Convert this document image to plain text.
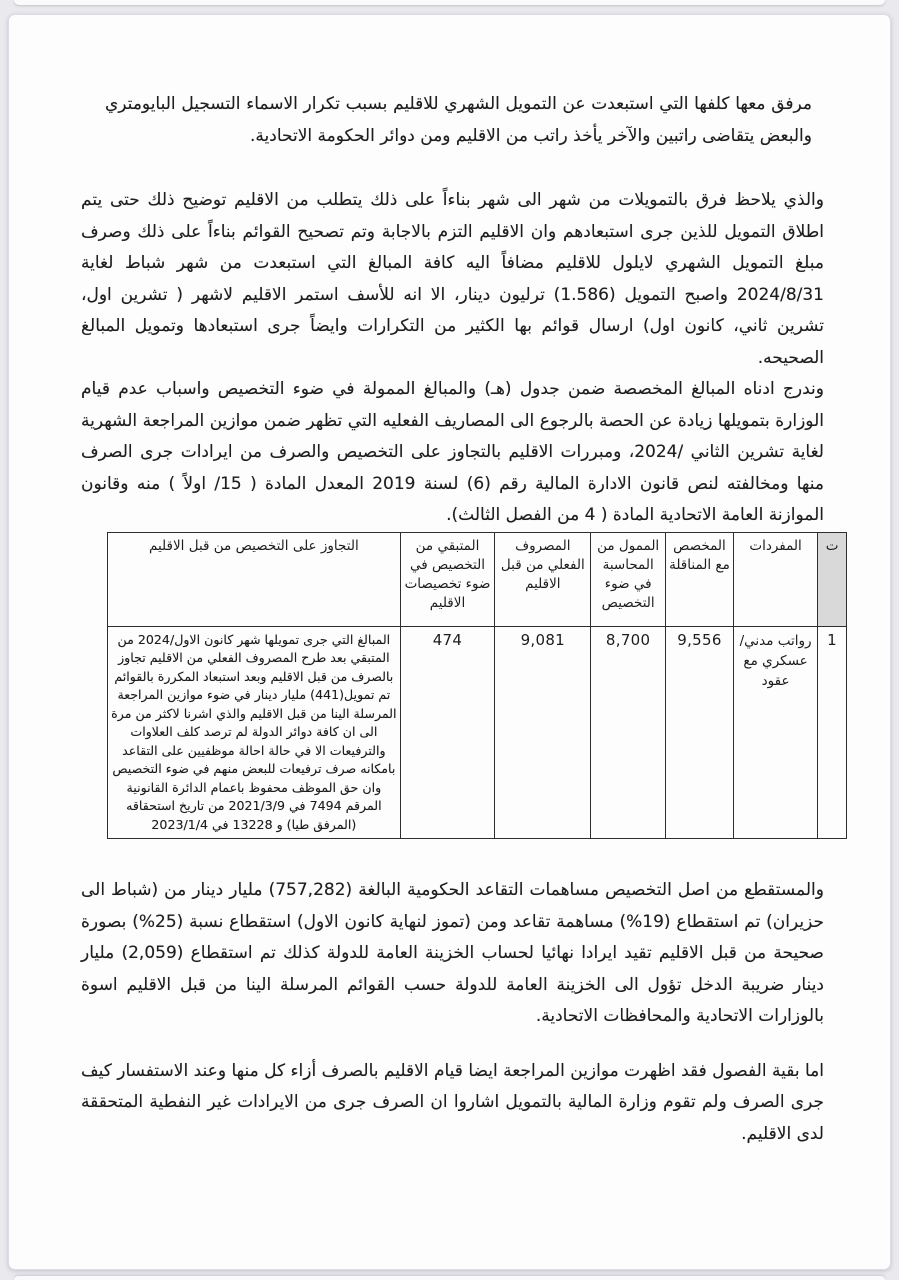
مرفق معها كلفها التي استبعدت عن التمويل الشهري للاقليم بسبب تكرار الاسماء التسجيل البايومتري والبعض يتقاضى راتبين والآخر يأخذ راتب من الاقليم ومن دوائر الحكومة الاتحادية.

والذي يلاحظ فرق بالتمويلات من شهر الى شهر بناءاً على ذلك يتطلب من الاقليم توضيح ذلك حتى يتم اطلاق التمويل للذين جرى استبعادهم وان الاقليم التزم بالاجابة وتم تصحيح القوائم بناءاً على ذلك وصرف مبلغ التمويل الشهري لايلول للاقليم مضافاً اليه كافة المبالغ التي استبعدت من شهر شباط لغاية 2024/8/31 واصبح التمويل (1.586) ترليون دينار، الا انه للأسف استمر الاقليم لاشهر ( تشرين اول، تشرين ثاني، كانون اول) ارسال قوائم بها الكثير من التكرارات وايضاً جرى استبعادها وتمويل المبالغ الصحيحه.

وندرج ادناه المبالغ المخصصة ضمن جدول (هـ) والمبالغ الممولة في ضوء التخصيص واسباب عدم قيام الوزارة بتمويلها زيادة عن الحصة بالرجوع الى المصاريف الفعليه التي تظهر ضمن موازين المراجعة الشهرية لغاية تشرين الثاني /2024، ومبررات الاقليم بالتجاوز على التخصيص والصرف من ايرادات جرى الصرف منها ومخالفته لنص قانون الادارة المالية رقم (6) لسنة 2019 المعدل المادة ( 15/ اولاً ) منه وقانون الموازنة العامة الاتحادية المادة ( 4 من الفصل الثالث).

ت	المفردات	المخصص مع المناقلة	الممول من المحاسبة في ضوء التخصيص	المصروف الفعلي من قبل الاقليم	المتبقي من التخصيص في ضوء تخصيصات الاقليم	التجاوز على التخصيص من قبل الاقليم
1	رواتب مدني/عسكري مع عقود	9,556	8,700	9,081	474	المبالغ التي جرى تمويلها شهر كانون الاول/2024 من المتبقي بعد طرح المصروف الفعلي من الاقليم تجاوز بالصرف من قبل الاقليم وبعد استبعاد المكررة بالقوائم تم تمويل(441) مليار دينار في ضوء موازين المراجعة المرسلة الينا من قبل الاقليم والذي اشرنا لاكثر من مرة الى ان كافة دوائر الدولة لم ترصد كلف العلاوات والترفيعات الا في حالة احالة موظفيين على التقاعد بامكانه صرف ترفيعات للبعض منهم في ضوء التخصيص وان حق الموظف محفوظ باعمام الدائرة القانونية المرقم 7494 في 2021/3/9 من تاريخ استحقاقه (المرفق طيا) و 13228 في 2023/1/4

والمستقطع من اصل التخصيص مساهمات التقاعد الحكومية البالغة (757,282) مليار دينار من (شباط الى حزيران) تم استقطاع (19%) مساهمة تقاعد ومن (تموز لنهاية كانون الاول) استقطاع نسبة (25%) بصورة صحيحة من قبل الاقليم تقيد ايرادا نهائيا لحساب الخزينة العامة للدولة كذلك تم استقطاع (2,059) مليار دينار ضريبة الدخل تؤول الى الخزينة العامة للدولة حسب القوائم المرسلة الينا من قبل الاقليم اسوة بالوزارات الاتحادية والمحافظات الاتحادية.

اما بقية الفصول فقد اظهرت موازين المراجعة ايضا قيام الاقليم بالصرف أزاء كل منها وعند الاستفسار كيف جرى الصرف ولم تقوم وزارة المالية بالتمويل اشاروا ان الصرف جرى من الايرادات غير النفطية المتحققة لدى الاقليم.
